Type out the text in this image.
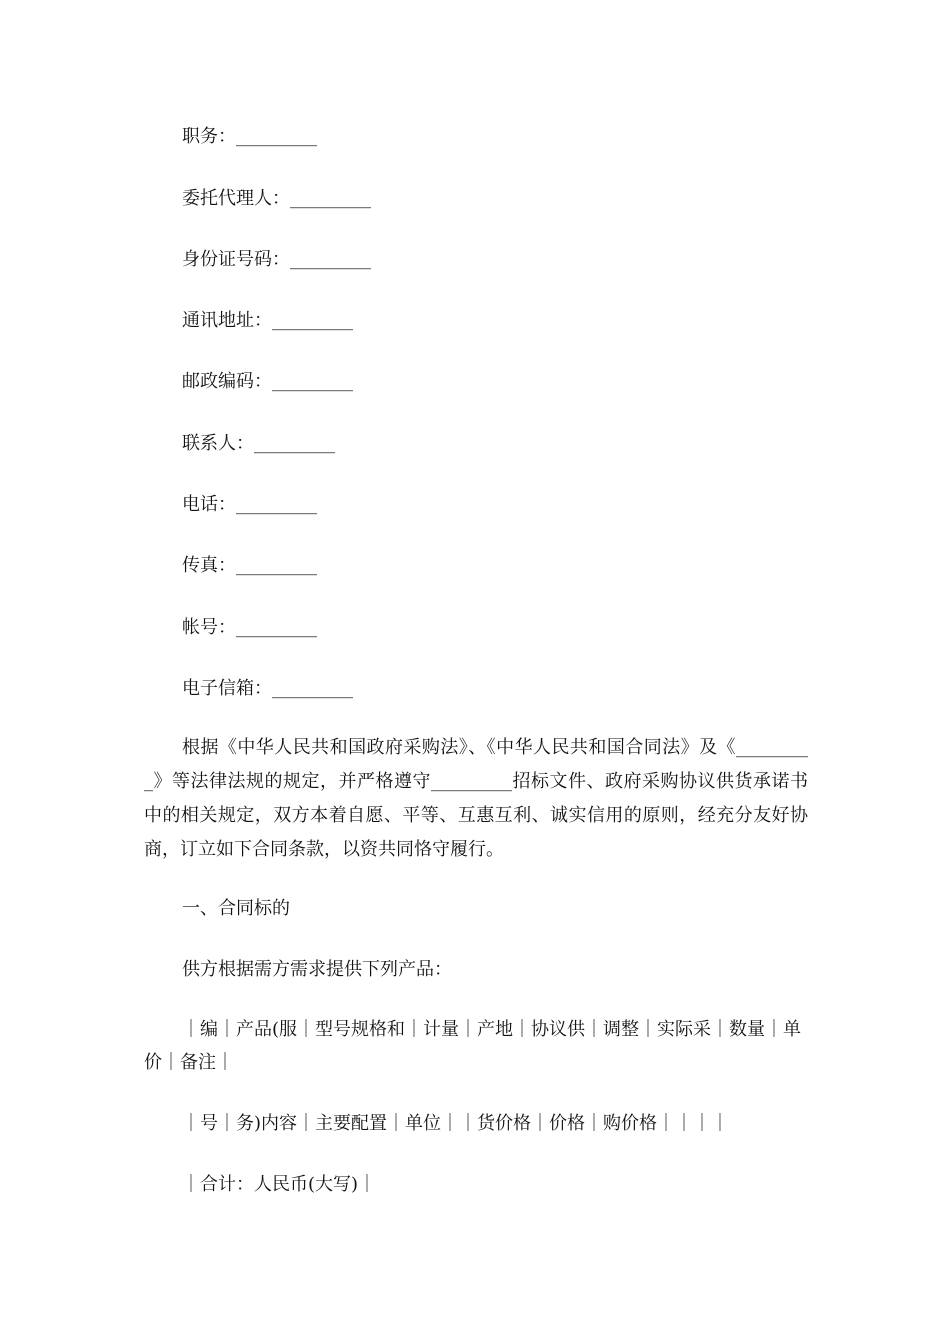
职务：_________
委托代理人：_________
身份证号码：_________
通讯地址：_________
邮政编码：_________
联系人：_________
电话：_________
传真：_________
帐号：_________
电子信箱：_________

根据《中华人民共和国政府采购法》、《中华人民共和国合同法》及《_________》等法律法规的规定，并严格遵守_________招标文件、政府采购协议供货承诺书中的相关规定，双方本着自愿、平等、互惠互利、诚实信用的原则，经充分友好协商，订立如下合同条款，以资共同恪守履行。

一、合同标的
供方根据需方需求提供下列产品：

｜编｜产品(服｜型号规格和｜计量｜产地｜协议供｜调整｜实际采｜数量｜单价｜备注｜

｜号｜务)内容｜主要配置｜单位｜｜货价格｜价格｜购价格｜｜｜｜
｜合计：人民币(大写)｜
